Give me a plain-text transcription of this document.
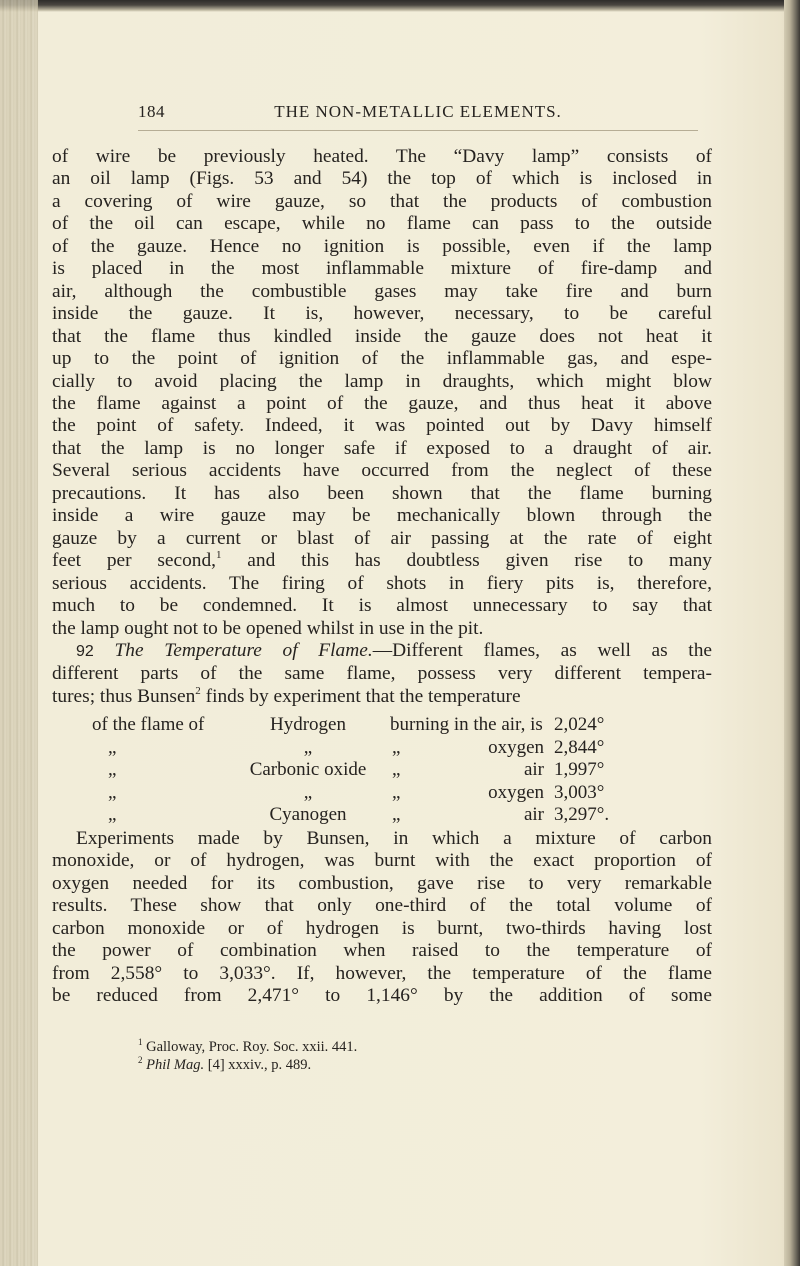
184	THE NON-METALLIC ELEMENTS.
of wire be previously heated. The “Davy lamp” consists of
an oil lamp (Figs. 53 and 54) the top of which is inclosed in
a covering of wire gauze, so that the products of combustion
of the oil can escape, while no flame can pass to the outside
of the gauze. Hence no ignition is possible, even if the lamp
is placed in the most inflammable mixture of fire-damp and
air, although the combustible gases may take fire and burn
inside the gauze. It is, however, necessary, to be careful
that the flame thus kindled inside the gauze does not heat it
up to the point of ignition of the inflammable gas, and espe-
cially to avoid placing the lamp in draughts, which might blow
the flame against a point of the gauze, and thus heat it above
the point of safety. Indeed, it was pointed out by Davy himself
that the lamp is no longer safe if exposed to a draught of air.
Several serious accidents have occurred from the neglect of these
precautions. It has also been shown that the flame burning
inside a wire gauze may be mechanically blown through the
gauze by a current or blast of air passing at the rate of eight
feet per second,$^1$ and this has doubtless given rise to many
serious accidents. The firing of shots in fiery pits is, therefore,
much to be condemned. It is almost unnecessary to say that
the lamp ought not to be opened whilst in use in the pit.
92 The Temperature of Flame.—Different flames, as well as the
different parts of the same flame, possess very different tempera-
tures; thus Bunsen$^2$ finds by experiment that the temperature
of the flame of	Hydrogen	burning in the air, is 2,024°
„	„	„	oxygen 2,844°
„	Carbonic oxide	„	air 1,997°
„	„	„	oxygen 3,003°
„	Cyanogen	„	air 3,297°.
Experiments made by Bunsen, in which a mixture of carbon
monoxide, or of hydrogen, was burnt with the exact proportion of
oxygen needed for its combustion, gave rise to very remarkable
results. These show that only one-third of the total volume of
carbon monoxide or of hydrogen is burnt, two-thirds having lost
the power of combination when raised to the temperature of
from 2,558° to 3,033°. If, however, the temperature of the flame
be reduced from 2,471° to 1,146° by the addition of some
$^1$ Galloway, Proc. Roy. Soc. xxii. 441.
$^2$ Phil Mag. [4] xxxiv., p. 489.
